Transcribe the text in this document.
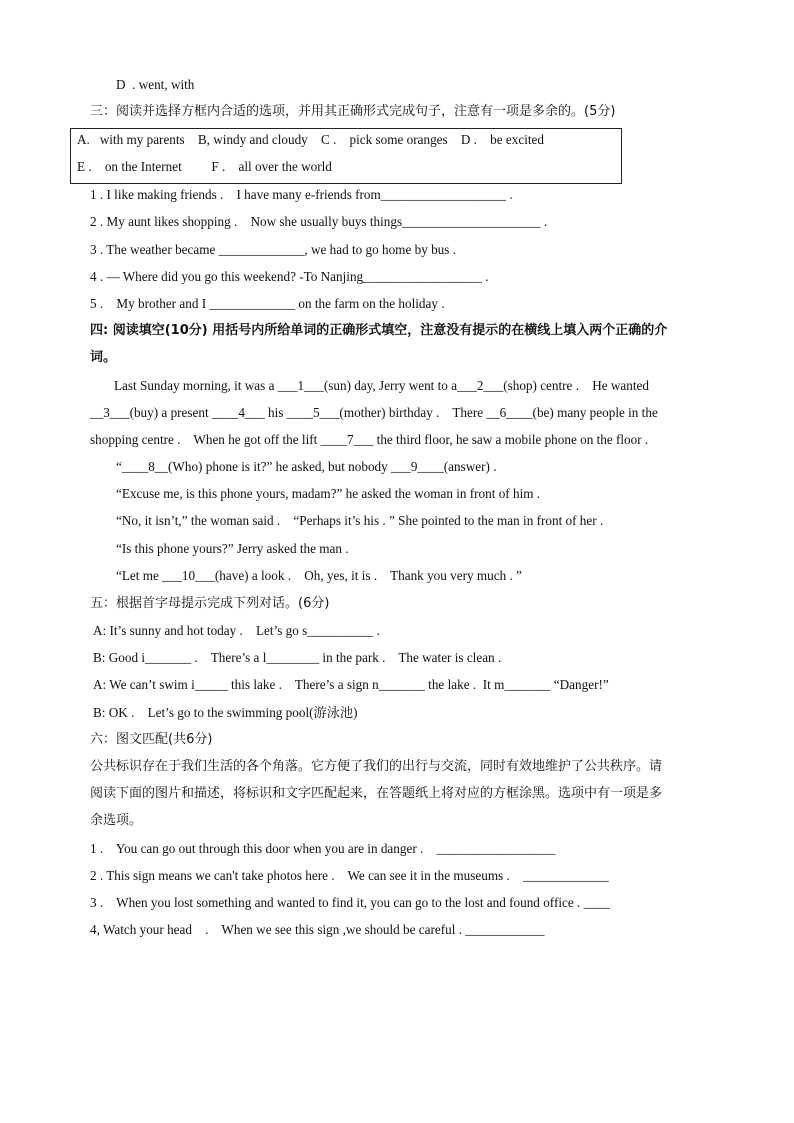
D  . went, with
三：阅读并选择方框内合适的选项，并用其正确形式完成句子，注意有一项是多余的。(5分)
A.   with my parents    B, windy and cloudy    C .    pick some oranges    D .    be excited
E .    on the Internet         F .    all over the world
1 . I like making friends .    I have many e-friends from___________________ .
2 . My aunt likes shopping .    Now she usually buys things_____________________ .
3 . The weather became _____________, we had to go home by bus .
4 . — Where did you go this weekend? -To Nanjing__________________ .
5 .    My brother and I _____________ on the farm on the holiday .
四: 阅读填空(10分) 用括号内所给单词的正确形式填空，注意没有提示的在横线上填入两个正确的介
词。
Last Sunday morning, it was a ___1___(sun) day, Jerry went to a___2___(shop) centre .    He wanted
__3___(buy) a present ____4___ his ____5___(mother) birthday .    There __6____(be) many people in the
shopping centre .    When he got off the lift ____7___ the third floor, he saw a mobile phone on the floor .
“____8__(Who) phone is it?” he asked, but nobody ___9____(answer) .
“Excuse me, is this phone yours, madam?” he asked the woman in front of him .
“No, it isn’t,” the woman said .    “Perhaps it’s his . ” She pointed to the man in front of her .
“Is this phone yours?” Jerry asked the man .
“Let me ___10___(have) a look .    Oh, yes, it is .    Thank you very much . ”
五：根据首字母提示完成下列对话。(6分)
A: It’s sunny and hot today .    Let’s go s__________ .
B: Good i_______ .    There’s a l________ in the park .    The water is clean .
A: We can’t swim i_____ this lake .    There’s a sign n_______ the lake .  It m_______ “Danger!”
B: OK .    Let’s go to the swimming pool(游泳池)
六：图文匹配(共6分)
公共标识存在于我们生活的各个角落。它方便了我们的出行与交流，同时有效地维护了公共秩序。请
阅读下面的图片和描述，将标识和文字匹配起来，在答题纸上将对应的方框涂黑。选项中有一项是多
余选项。
1 .    You can go out through this door when you are in danger .    __________________
2 . This sign means we can't take photos here .    We can see it in the museums .    _____________
3 .    When you lost something and wanted to find it, you can go to the lost and found office . ____
4, Watch your head    .    When we see this sign ,we should be careful . ____________
